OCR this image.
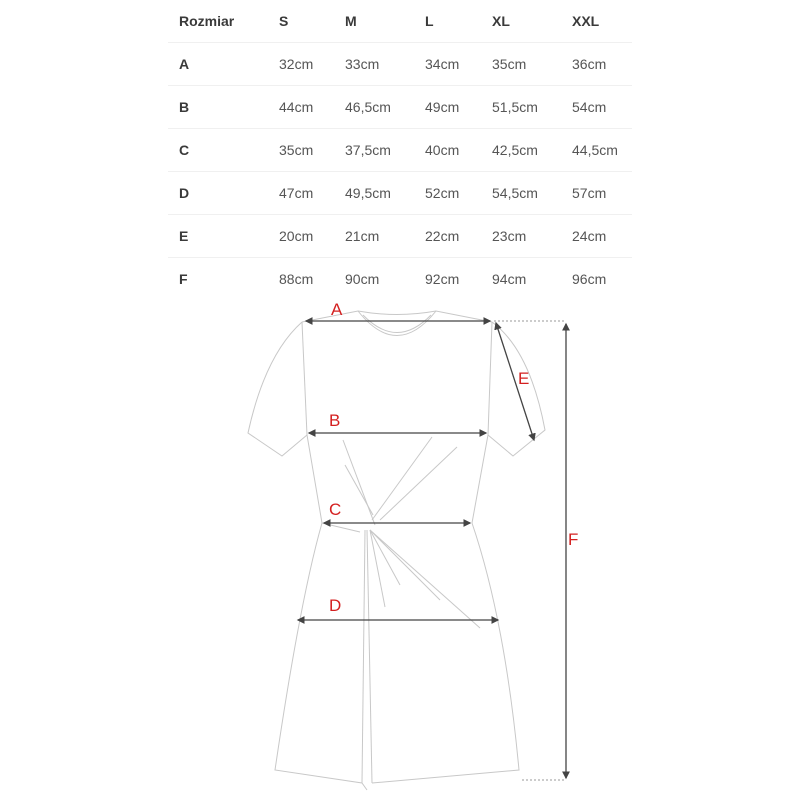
Rozmiar	S	M	L	XL	XXL
A	32cm	33cm	34cm	35cm	36cm
B	44cm	46,5cm	49cm	51,5cm	54cm
C	35cm	37,5cm	40cm	42,5cm	44,5cm
D	47cm	49,5cm	52cm	54,5cm	57cm
E	20cm	21cm	22cm	23cm	24cm
F	88cm	90cm	92cm	94cm	96cm
A
B
C
D
E
F
